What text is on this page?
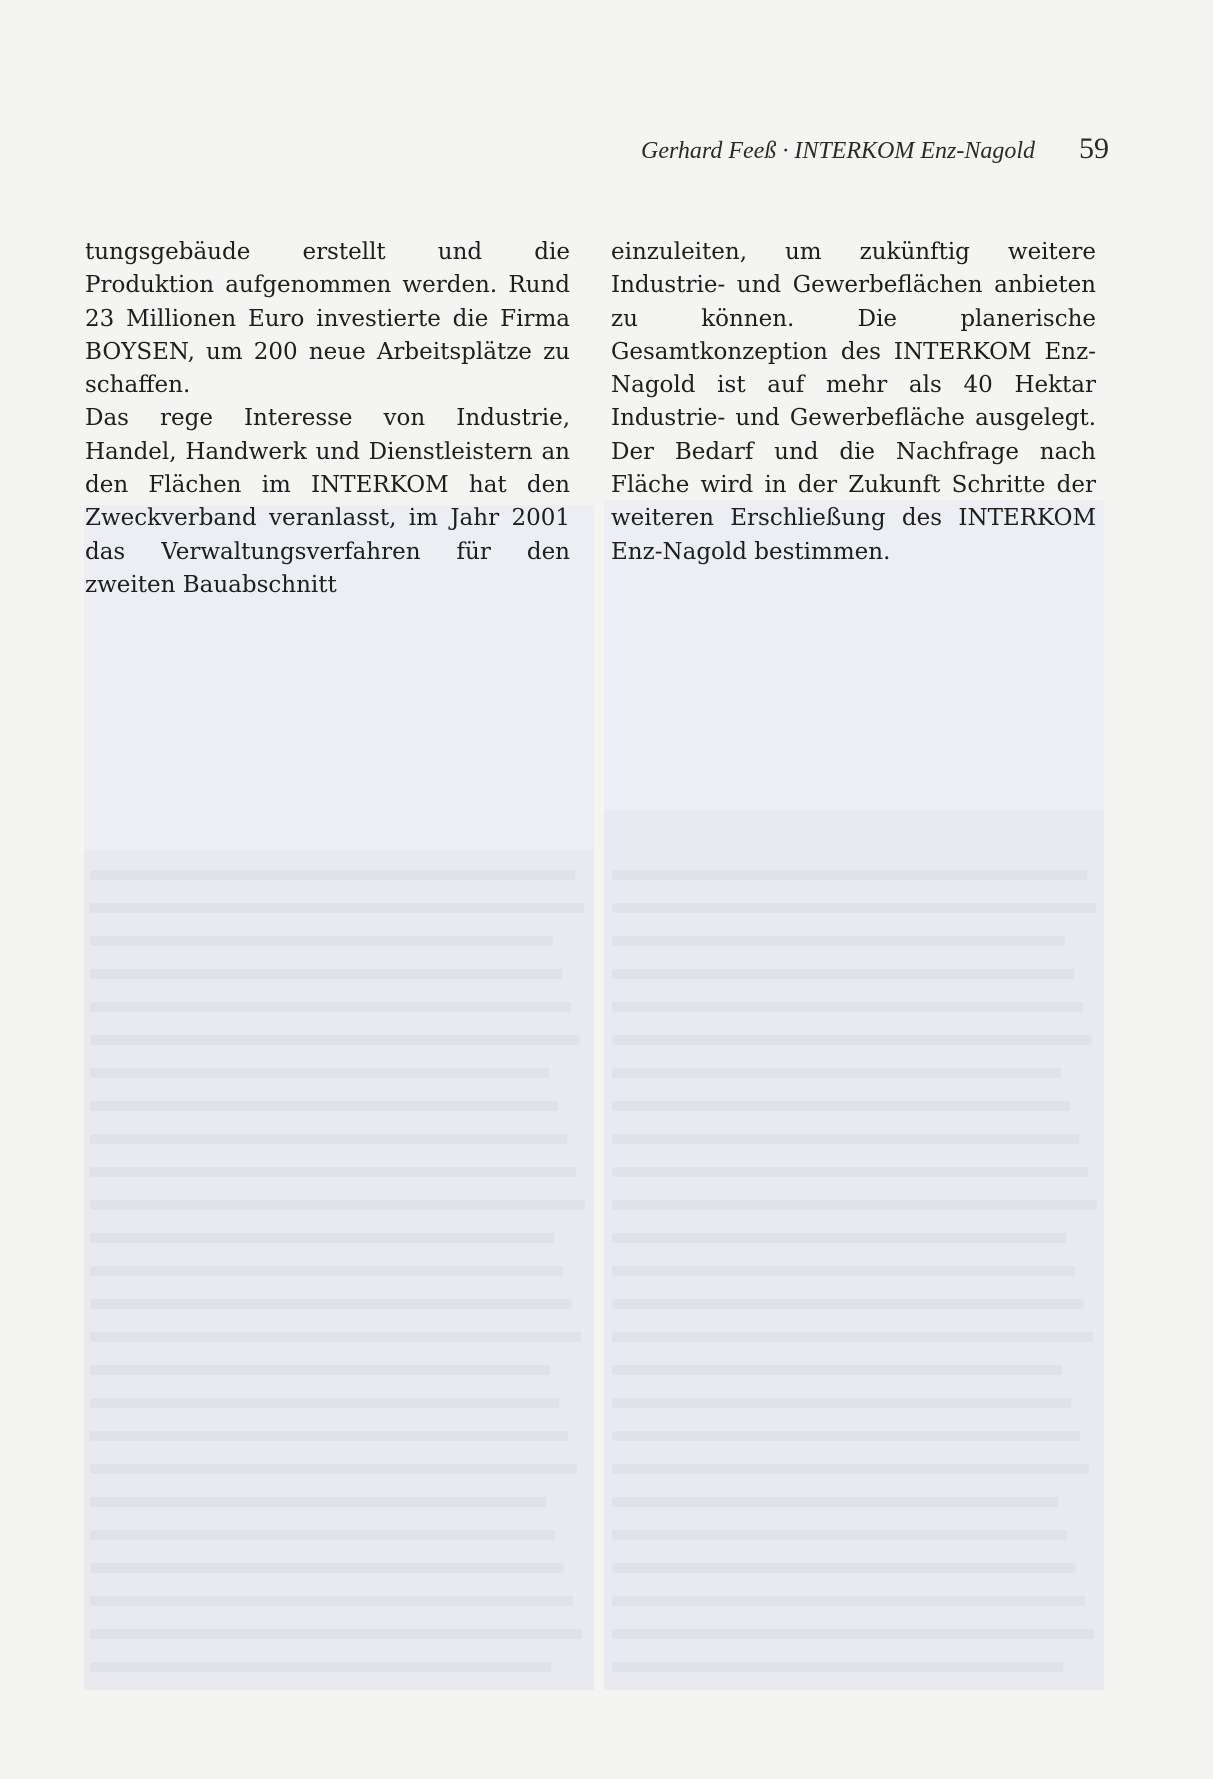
Gerhard Feeß · INTERKOM Enz-Nagold 59

tungsgebäude erstellt und die Produktion aufgenommen werden. Rund 23 Millionen Euro investierte die Firma BOYSEN, um 200 neue Arbeitsplätze zu schaffen.

Das rege Interesse von Industrie, Handel, Handwerk und Dienstleistern an den Flächen im INTERKOM hat den Zweckverband veranlasst, im Jahr 2001 das Verwaltungsverfahren für den zweiten Bauabschnitt

einzuleiten, um zukünftig weitere Industrie- und Gewerbeflächen anbieten zu können. Die planerische Gesamtkonzeption des INTERKOM Enz-Nagold ist auf mehr als 40 Hektar Industrie- und Gewerbefläche ausgelegt. Der Bedarf und die Nachfrage nach Fläche wird in der Zukunft Schritte der weiteren Erschließung des INTERKOM Enz-Nagold bestimmen.
